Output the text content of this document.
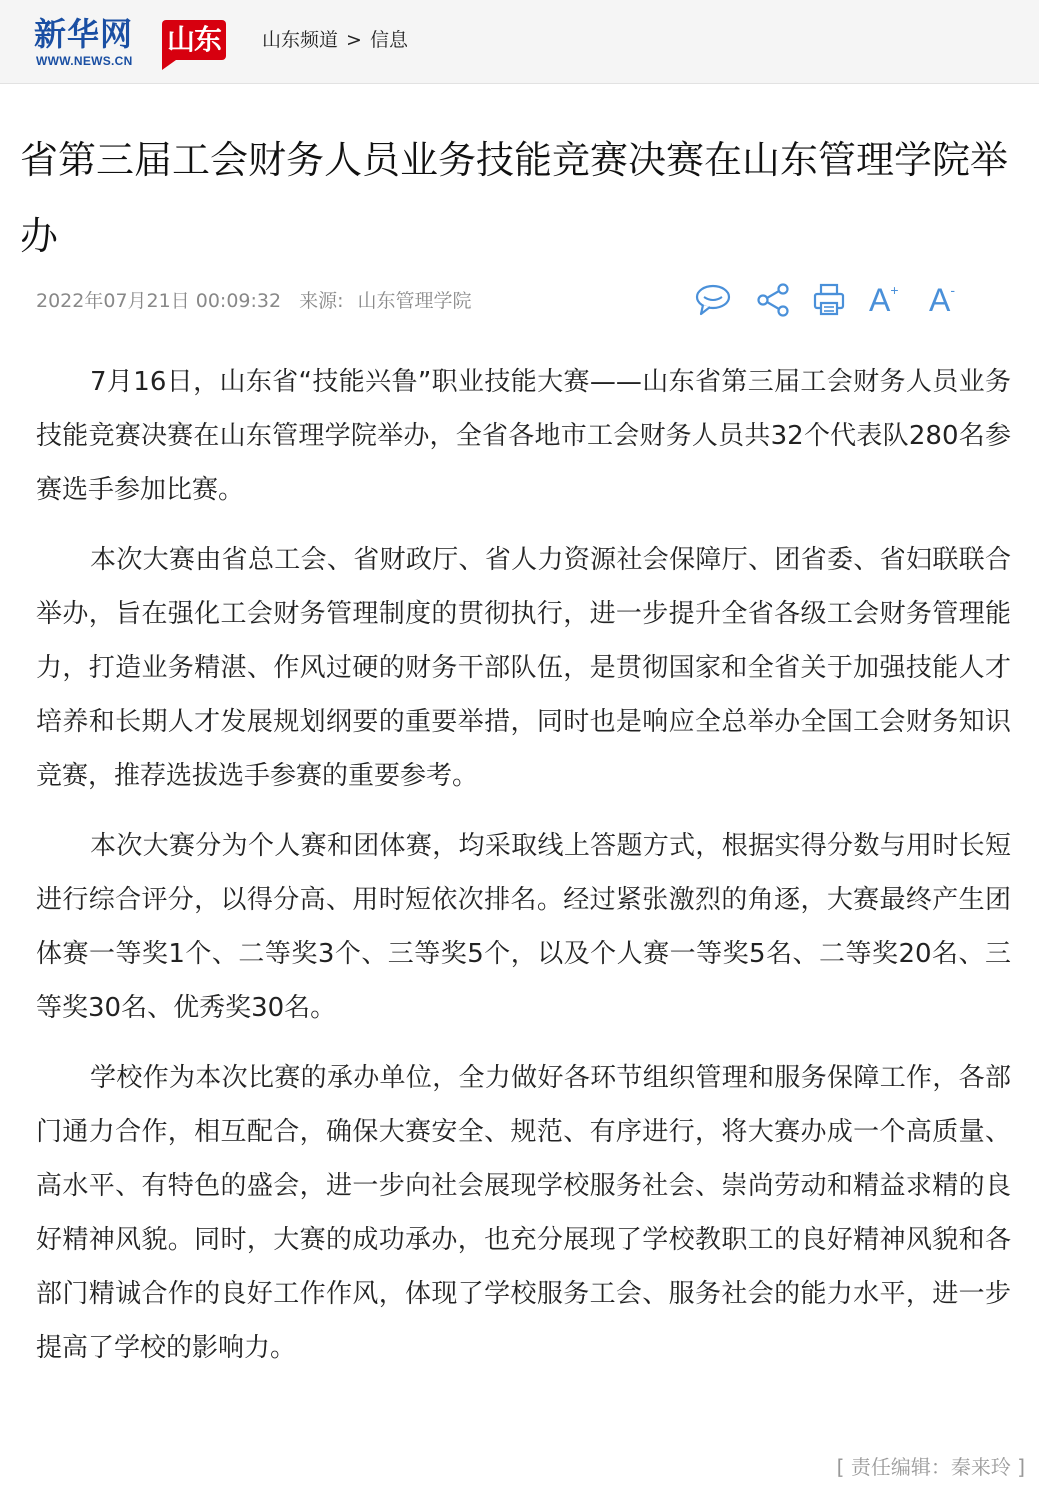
新华网
WWW.NEWS.CN
山东 山东频道 > 信息
省第三届工会财务人员业务技能竞赛决赛在山东管理学院举办
2022年07月21日 00:09:32 来源: 山东管理学院	A+ A-

7月16日，山东省“技能兴鲁”职业技能大赛——山东省第三届工会财务人员业务技能竞赛决赛在山东管理学院举办，全省各地市工会财务人员共32个代表队280名参赛选手参加比赛。

本次大赛由省总工会、省财政厅、省人力资源社会保障厅、团省委、省妇联联合举办，旨在强化工会财务管理制度的贯彻执行，进一步提升全省各级工会财务管理能力，打造业务精湛、作风过硬的财务干部队伍，是贯彻国家和全省关于加强技能人才培养和长期人才发展规划纲要的重要举措，同时也是响应全总举办全国工会财务知识竞赛，推荐选拔选手参赛的重要参考。

本次大赛分为个人赛和团体赛，均采取线上答题方式，根据实得分数与用时长短进行综合评分，以得分高、用时短依次排名。经过紧张激烈的角逐，大赛最终产生团体赛一等奖1个、二等奖3个、三等奖5个，以及个人赛一等奖5名、二等奖20名、三等奖30名、优秀奖30名。

学校作为本次比赛的承办单位，全力做好各环节组织管理和服务保障工作，各部门通力合作，相互配合，确保大赛安全、规范、有序进行，将大赛办成一个高质量、高水平、有特色的盛会，进一步向社会展现学校服务社会、崇尚劳动和精益求精的良好精神风貌。同时，大赛的成功承办，也充分展现了学校教职工的良好精神风貌和各部门精诚合作的良好工作作风，体现了学校服务工会、服务社会的能力水平，进一步提高了学校的影响力。

[ 责任编辑：秦来玲 ]
